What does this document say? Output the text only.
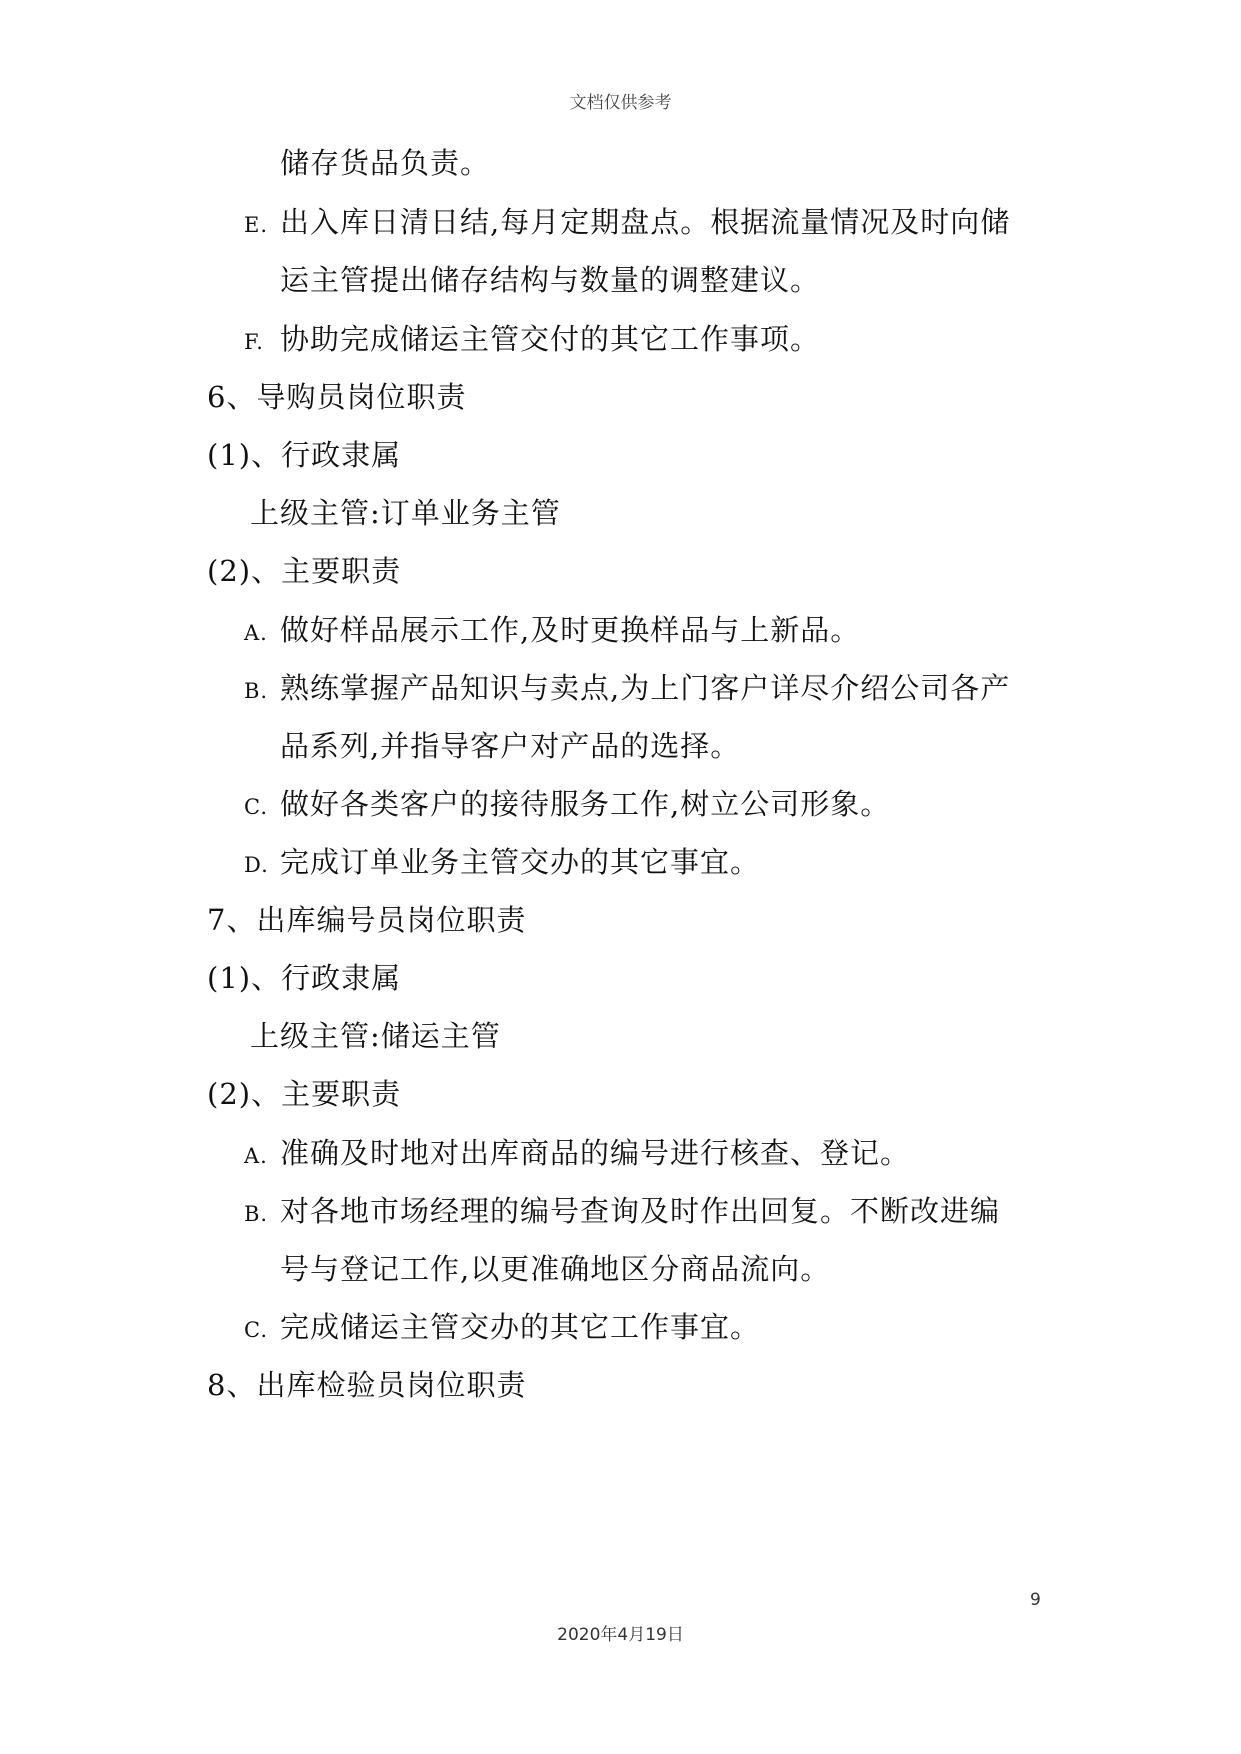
文档仅供参考
储存货品负责。
E. 出入库日清日结,每月定期盘点。根据流量情况及时向储
运主管提出储存结构与数量的调整建议。
F. 协助完成储运主管交付的其它工作事项。
6、导购员岗位职责
(1)、行政隶属
上级主管:订单业务主管
(2)、主要职责
A. 做好样品展示工作,及时更换样品与上新品。
B. 熟练掌握产品知识与卖点,为上门客户详尽介绍公司各产
品系列,并指导客户对产品的选择。
C. 做好各类客户的接待服务工作,树立公司形象。
D. 完成订单业务主管交办的其它事宜。
7、出库编号员岗位职责
(1)、行政隶属
上级主管:储运主管
(2)、主要职责
A. 准确及时地对出库商品的编号进行核查、登记。
B. 对各地市场经理的编号查询及时作出回复。不断改进编
号与登记工作,以更准确地区分商品流向。
C. 完成储运主管交办的其它工作事宜。
8、出库检验员岗位职责
9
2020年4月19日
